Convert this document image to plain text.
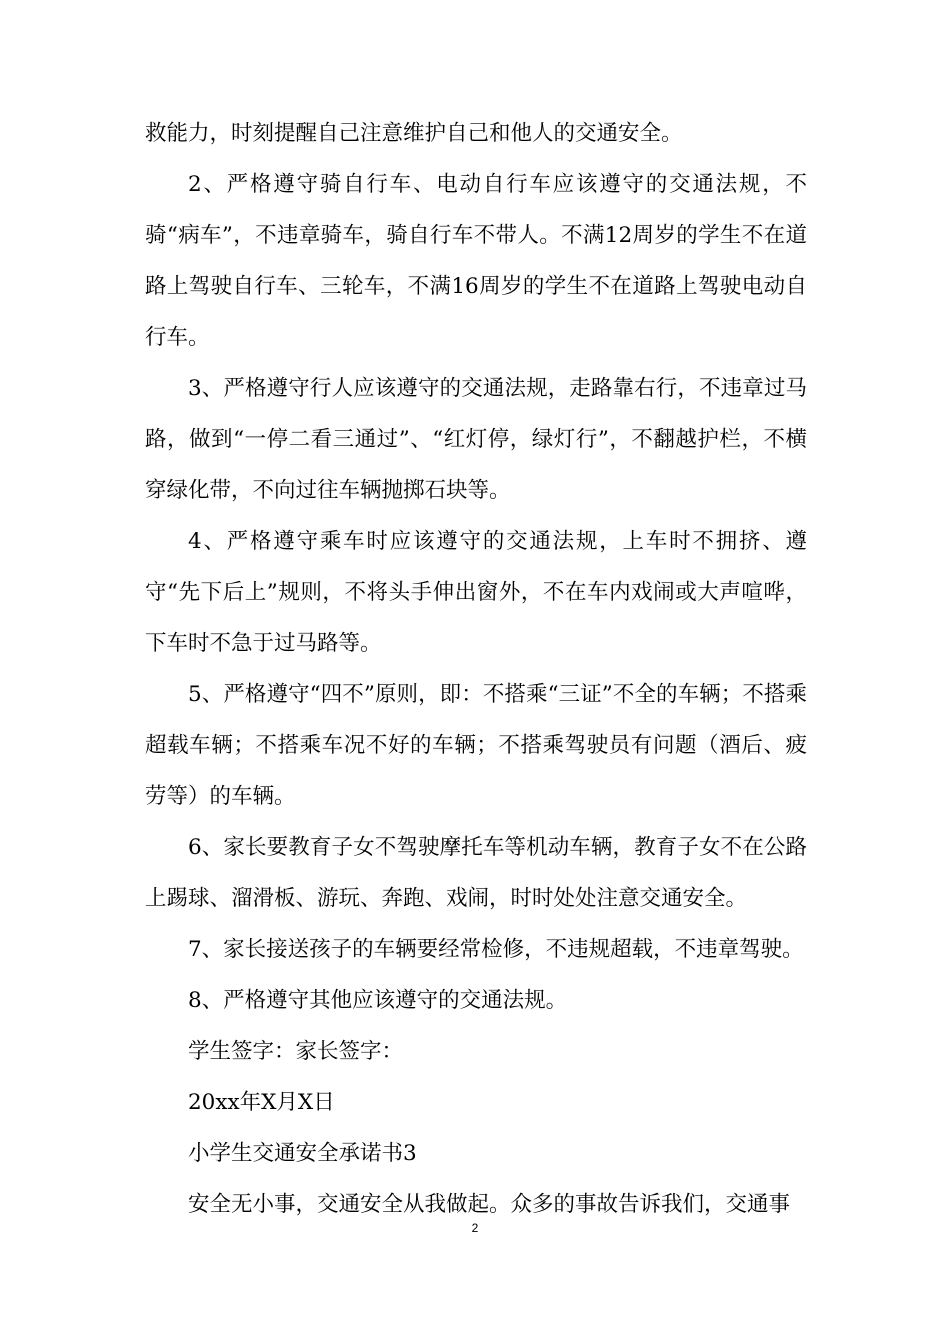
救能力，时刻提醒自己注意维护自己和他人的交通安全。

2、严格遵守骑自行车、电动自行车应该遵守的交通法规，不骑“病车”，不违章骑车，骑自行车不带人。不满12周岁的学生不在道路上驾驶自行车、三轮车，不满16周岁的学生不在道路上驾驶电动自行车。

3、严格遵守行人应该遵守的交通法规，走路靠右行，不违章过马路，做到“一停二看三通过”、“红灯停，绿灯行”，不翻越护栏，不横穿绿化带，不向过往车辆抛掷石块等。

4、严格遵守乘车时应该遵守的交通法规，上车时不拥挤、遵守“先下后上”规则，不将头手伸出窗外，不在车内戏闹或大声喧哗，下车时不急于过马路等。

5、严格遵守“四不”原则，即：不搭乘“三证”不全的车辆；不搭乘超载车辆；不搭乘车况不好的车辆；不搭乘驾驶员有问题（酒后、疲劳等）的车辆。

6、家长要教育子女不驾驶摩托车等机动车辆，教育子女不在公路上踢球、溜滑板、游玩、奔跑、戏闹，时时处处注意交通安全。

7、家长接送孩子的车辆要经常检修，不违规超载，不违章驾驶。

8、严格遵守其他应该遵守的交通法规。

学生签字：家长签字：

20xx年X月X日

小学生交通安全承诺书3

安全无小事，交通安全从我做起。众多的事故告诉我们，交通事

2
